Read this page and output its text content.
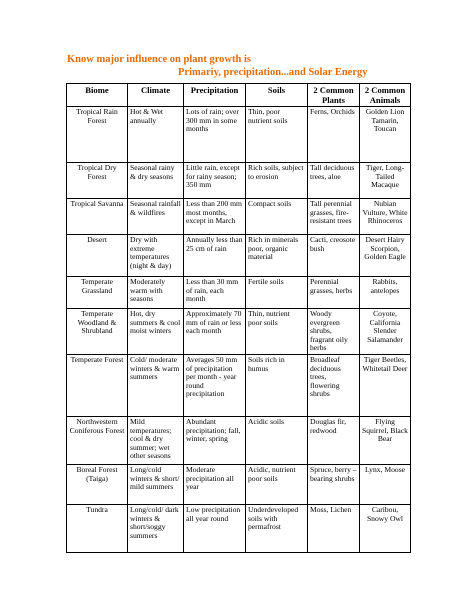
Know major influence on plant growth is
Primariy, precipitation...and Solar Energy
Biome	Climate	Precipitation	Soils	2 Common Plants	2 Common Animals
Tropical Rain Forest	Hot & Wet annually	Lots of rain; over 300 mm in some months	Thin, poor nutrient soils	Ferns, Orchids	Golden Lion Tamarin, Toucan
Tropical Dry Forest	Seasonal rainy & dry seasons	Little rain, except for rainy season; 350 mm	Rich soils, subject to erosion	Tall deciduous trees, aloe	Tiger, Long-Tailed Macaque
Tropical Savanna	Seasonal rainfall & wildfires	Less than 200 mm most months, except in March	Compact soils	Tall perennial grasses, fire-resistant trees	Nubian Vulture, White Rhinoceros
Desert	Dry with extreme temperatures (night & day)	Annually less than 25 cm of rain	Rich in minerals poor, organic material	Cacti, creosote bush	Desert Hairy Scorpion, Golden Eagle
Temperate Grassland	Moderately warm with seasons	Less than 30 mm of rain, each month	Fertile soils	Perennial grasses, herbs	Rabbits, antelopes
Temperate Woodland & Shrubland	Hot, dry summers & cool moist winters	Approximately 70 mm of rain or less each month	Thin, nutrient poor soils	Woody evergreen shrubs, fragrant oily herbs	Coyote, California Slender Salamander
Temperate Forest	Cold/ moderate winters & warm summers	Averages 50 mm of precipitation per month - year round precipitation	Soils rich in humus	Broadleaf deciduous trees, flowering shrubs	Tiger Beetles, Whitetail Deer
Northwestern Coniferous Forest	Mild temperatures; cool & dry summer; wet other seasons	Abundant precipitation; fall, winter, spring	Acidic soils	Douglas fir, redwood	Flying Squirrel, Black Bear
Boreal Forest (Taiga)	Long/cold winters & short/ mild summers	Moderate precipitation all year	Acidic, nutrient poor soils	Spruce, berry – bearing shrubs	Lynx, Moose
Tundra	Long/cold/ dark winters & short/soggy summers	Low precipitation all year round	Underdeveloped soils with permafrost	Moss, Lichen	Caribou, Snowy Owl
